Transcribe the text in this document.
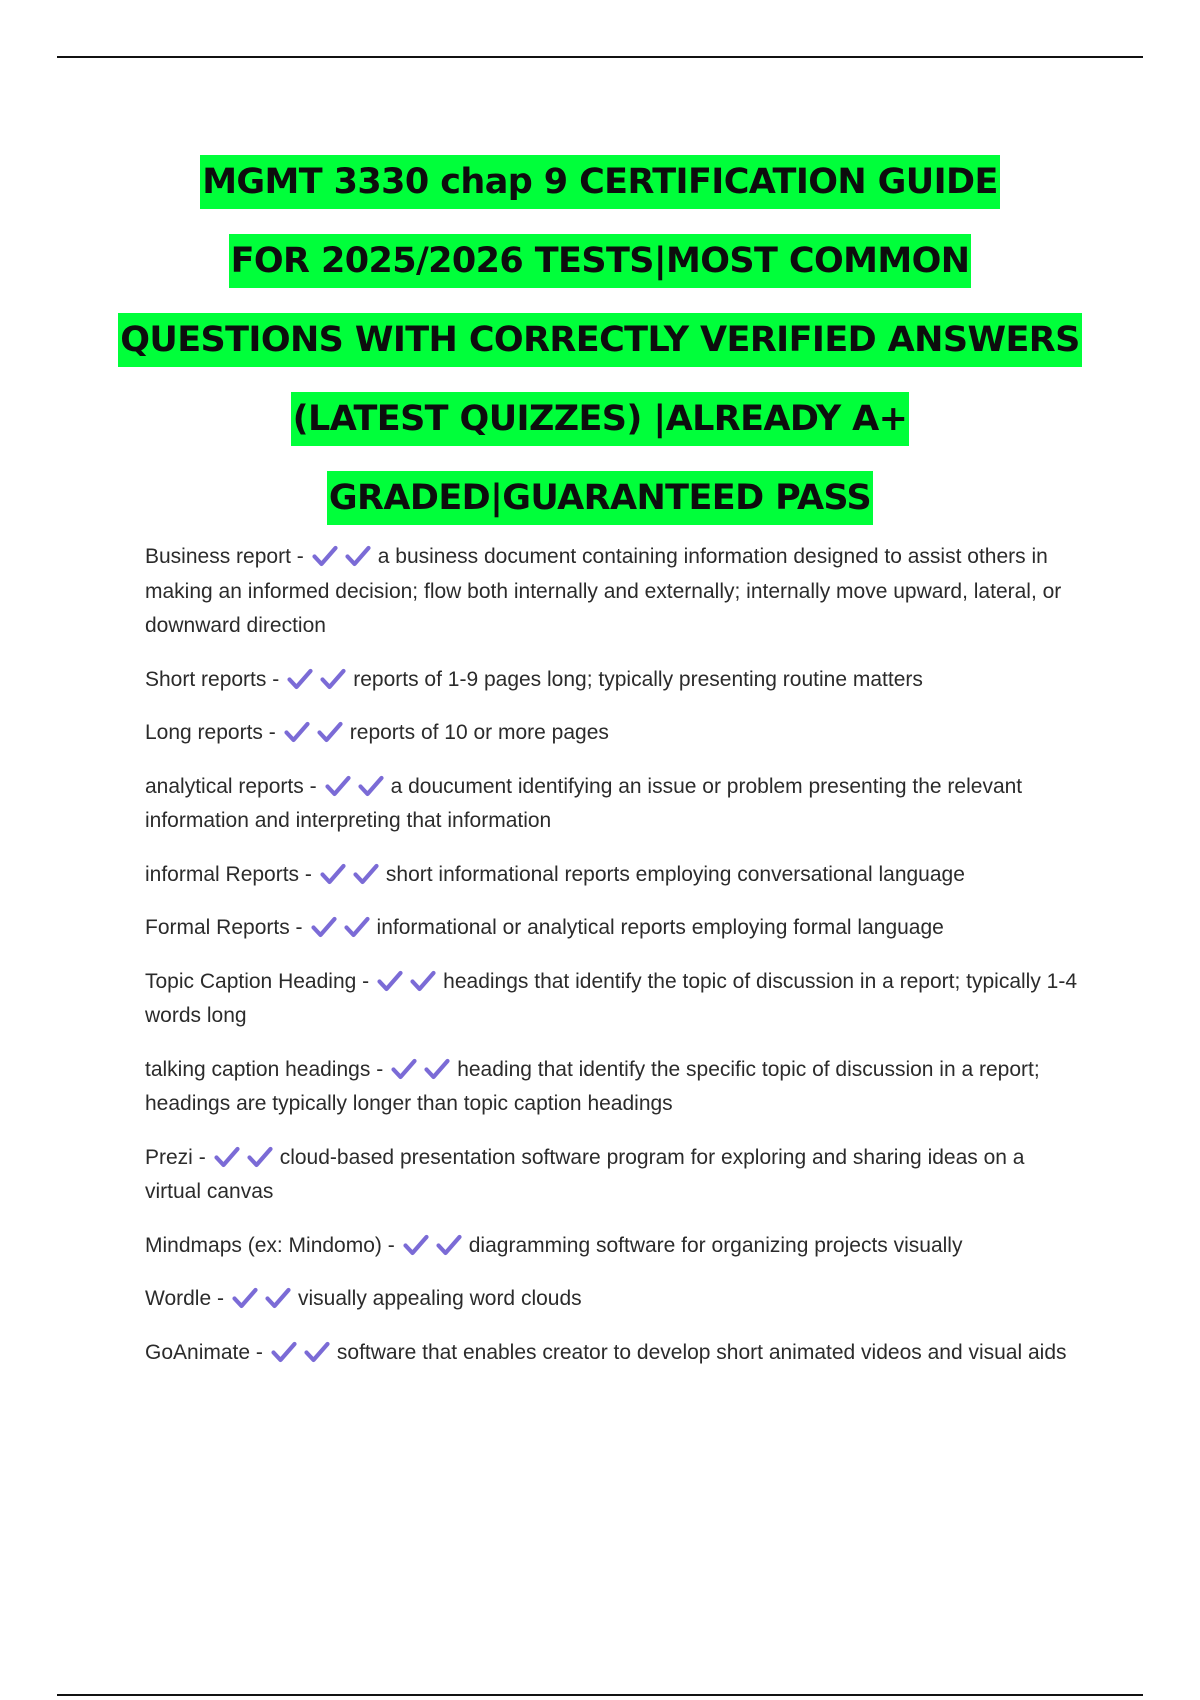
MGMT 3330 chap 9 CERTIFICATION GUIDE
FOR 2025/2026 TESTS|MOST COMMON
QUESTIONS WITH CORRECTLY VERIFIED ANSWERS
(LATEST QUIZZES) |ALREADY A+
GRADED|GUARANTEED PASS
Business report -	a business document containing information designed to assist others in making an informed decision; flow both internally and externally; internally move upward, lateral, or downward direction
Short reports -	reports of 1-9 pages long; typically presenting routine matters
Long reports -	reports of 10 or more pages
analytical reports -	a doucument identifying an issue or problem presenting the relevant information and interpreting that information
informal Reports -	short informational reports employing conversational language
Formal Reports -	informational or analytical reports employing formal language
Topic Caption Heading -	headings that identify the topic of discussion in a report; typically 1-4 words long
talking caption headings -	heading that identify the specific topic of discussion in a report; headings are typically longer than topic caption headings
Prezi -	cloud-based presentation software program for exploring and sharing ideas on a virtual canvas
Mindmaps (ex: Mindomo) -	diagramming software for organizing projects visually
Wordle -	visually appealing word clouds
GoAnimate -	software that enables creator to develop short animated videos and visual aids
